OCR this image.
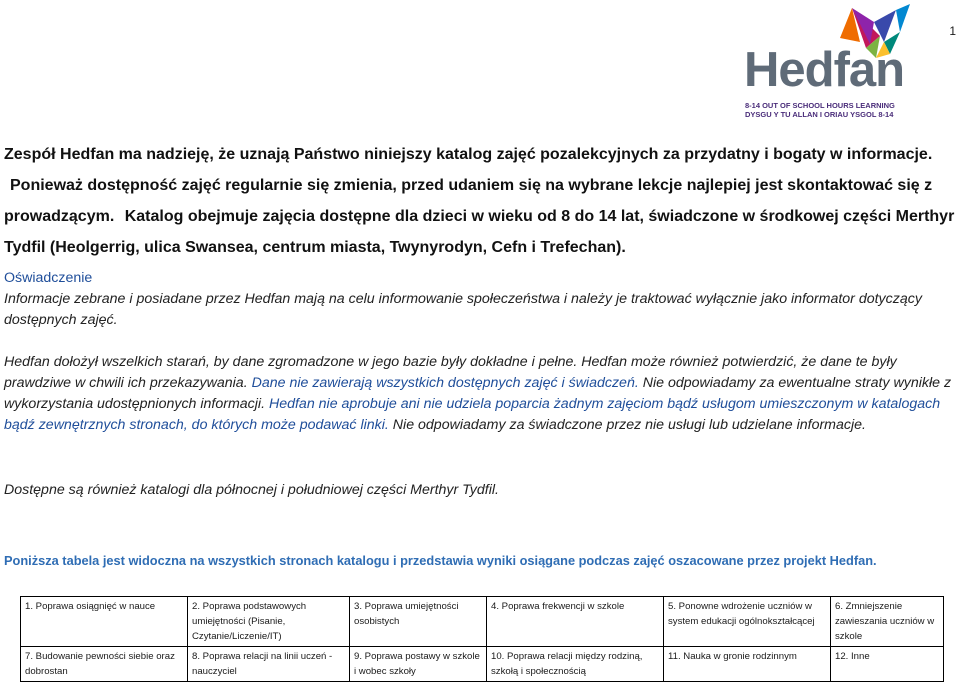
1
Hedfan
8-14 OUT OF SCHOOL HOURS LEARNING
DYSGU Y TU ALLAN I ORIAU YSGOL 8-14
Zespół Hedfan ma nadzieję, że uznają Państwo niniejszy katalog zajęć pozalekcyjnych za przydatny i bogaty w informacje. Ponieważ dostępność zajęć regularnie się zmienia, przed udaniem się na wybrane lekcje najlepiej jest skontaktować się z prowadzącym. Katalog obejmuje zajęcia dostępne dla dzieci w wieku od 8 do 14 lat, świadczone w środkowej części Merthyr Tydfil (Heolgerrig, ulica Swansea, centrum miasta, Twynyrodyn, Cefn i Trefechan).
Oświadczenie
Informacje zebrane i posiadane przez Hedfan mają na celu informowanie społeczeństwa i należy je traktować wyłącznie jako informator dotyczący dostępnych zajęć.
Hedfan dołożył wszelkich starań, by dane zgromadzone w jego bazie były dokładne i pełne. Hedfan może również potwierdzić, że dane te były prawdziwe w chwili ich przekazywania. Dane nie zawierają wszystkich dostępnych zajęć i świadczeń. Nie odpowiadamy za ewentualne straty wynikłe z wykorzystania udostępnionych informacji. Hedfan nie aprobuje ani nie udziela poparcia żadnym zajęciom bądź usługom umieszczonym w katalogach bądź zewnętrznych stronach, do których może podawać linki. Nie odpowiadamy za świadczone przez nie usługi lub udzielane informacje.
Dostępne są również katalogi dla północnej i południowej części Merthyr Tydfil.
Poniższa tabela jest widoczna na wszystkich stronach katalogu i przedstawia wyniki osiągane podczas zajęć oszacowane przez projekt Hedfan.
1. Poprawa osiągnięć w nauce	2. Poprawa podstawowych umiejętności (Pisanie, Czytanie/Liczenie/IT)	3. Poprawa umiejętności osobistych	4. Poprawa frekwencji w szkole	5. Ponowne wdrożenie uczniów w system edukacji ogólnokształcącej	6. Zmniejszenie zawieszania uczniów w szkole
7. Budowanie pewności siebie oraz dobrostan	8. Poprawa relacji na linii uczeń - nauczyciel	9. Poprawa postawy w szkole i wobec szkoły	10. Poprawa relacji między rodziną, szkołą i społecznością	11. Nauka w gronie rodzinnym	12. Inne
